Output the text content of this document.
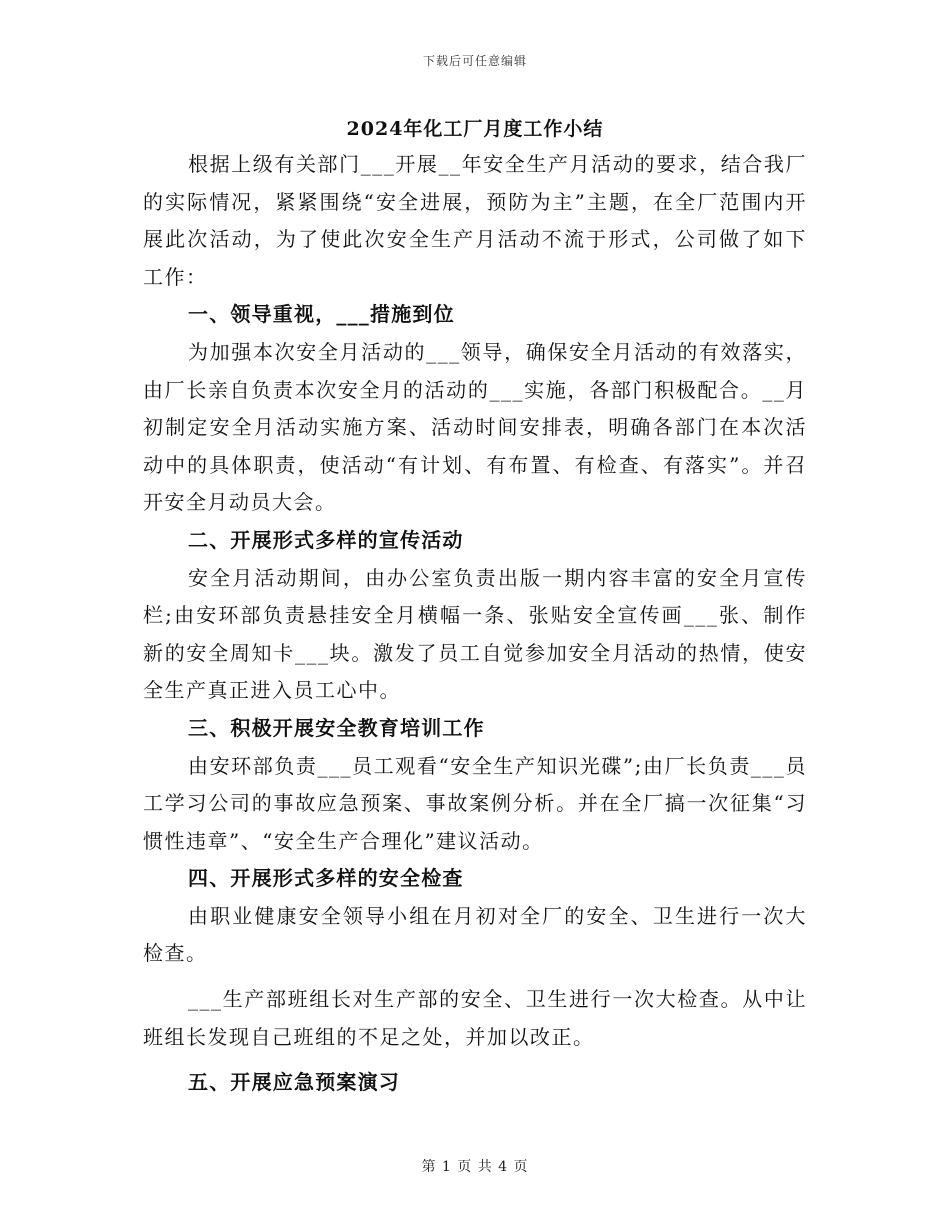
下载后可任意编辑
2024年化工厂月度工作小结

根据上级有关部门___开展__年安全生产月活动的要求，结合我厂的实际情况，紧紧围绕“安全进展，预防为主”主题，在全厂范围内开展此次活动，为了使此次安全生产月活动不流于形式，公司做了如下工作：

一、领导重视，___措施到位

为加强本次安全月活动的___领导，确保安全月活动的有效落实，由厂长亲自负责本次安全月的活动的___实施，各部门积极配合。__月初制定安全月活动实施方案、活动时间安排表，明确各部门在本次活动中的具体职责，使活动“有计划、有布置、有检查、有落实”。并召开安全月动员大会。

二、开展形式多样的宣传活动

安全月活动期间，由办公室负责出版一期内容丰富的安全月宣传栏;由安环部负责悬挂安全月横幅一条、张贴安全宣传画___张、制作新的安全周知卡___块。激发了员工自觉参加安全月活动的热情，使安全生产真正进入员工心中。

三、积极开展安全教育培训工作

由安环部负责___员工观看“安全生产知识光碟”;由厂长负责___员工学习公司的事故应急预案、事故案例分析。并在全厂搞一次征集“习惯性违章”、“安全生产合理化”建议活动。

四、开展形式多样的安全检查

由职业健康安全领导小组在月初对全厂的安全、卫生进行一次大检查。

___生产部班组长对生产部的安全、卫生进行一次大检查。从中让班组长发现自己班组的不足之处，并加以改正。

五、开展应急预案演习

第 1 页 共 4 页
